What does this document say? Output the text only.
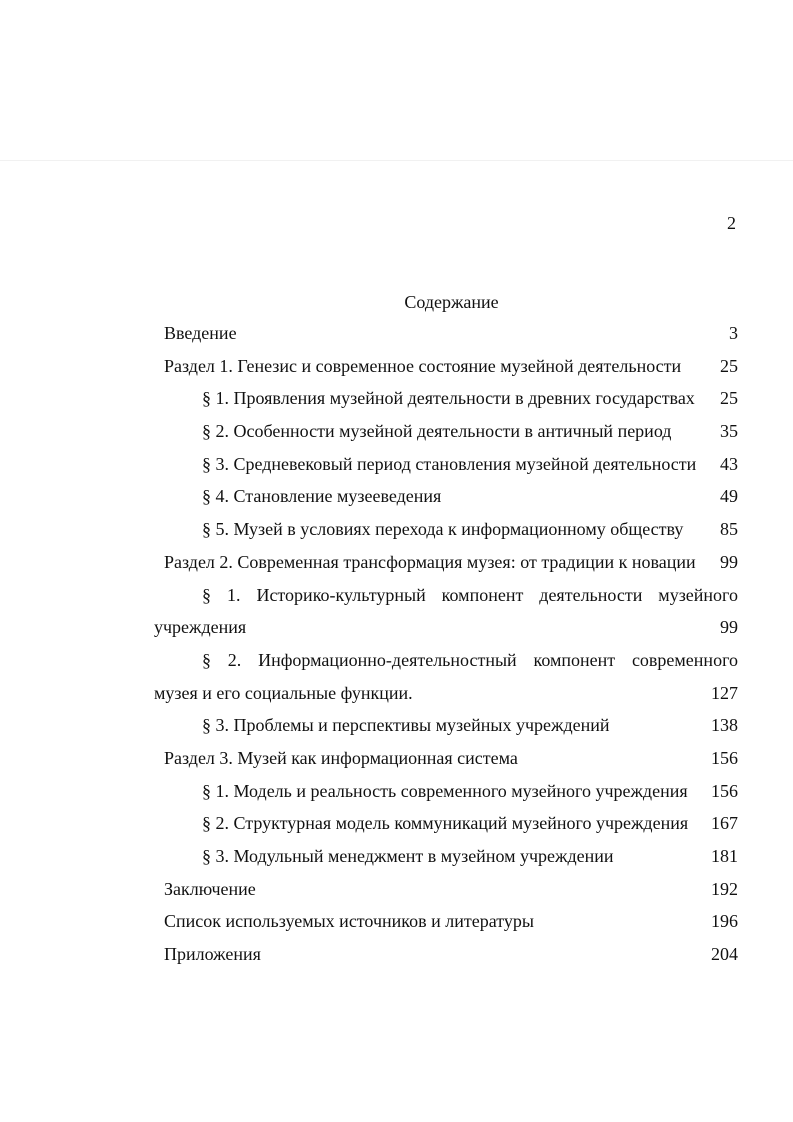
2
Содержание
Введение	3
Раздел 1. Генезис и современное состояние музейной деятельности 25
§ 1. Проявления музейной деятельности в древних государствах 25
§ 2. Особенности музейной деятельности в античный период	35
§ 3. Средневековый период становления музейной деятельности 43
§ 4. Становление музееведения	49
§ 5. Музей в условиях перехода к информационному обществу 85
Раздел 2. Современная трансформация музея: от традиции к новации 99
§ 1. Историко-культурный компонент деятельности музейного
учреждения	99
§ 2. Информационно-деятельностный компонент современного
музея и его социальные функции.	127
§ 3. Проблемы и перспективы музейных учреждений	138
Раздел 3. Музей как информационная система	156
§ 1. Модель и реальность современного музейного учреждения 156
§ 2. Структурная модель коммуникаций музейного учреждения 167
§ 3. Модульный менеджмент в музейном учреждении	181
Заключение	192
Список используемых источников и литературы	196
Приложения	204
